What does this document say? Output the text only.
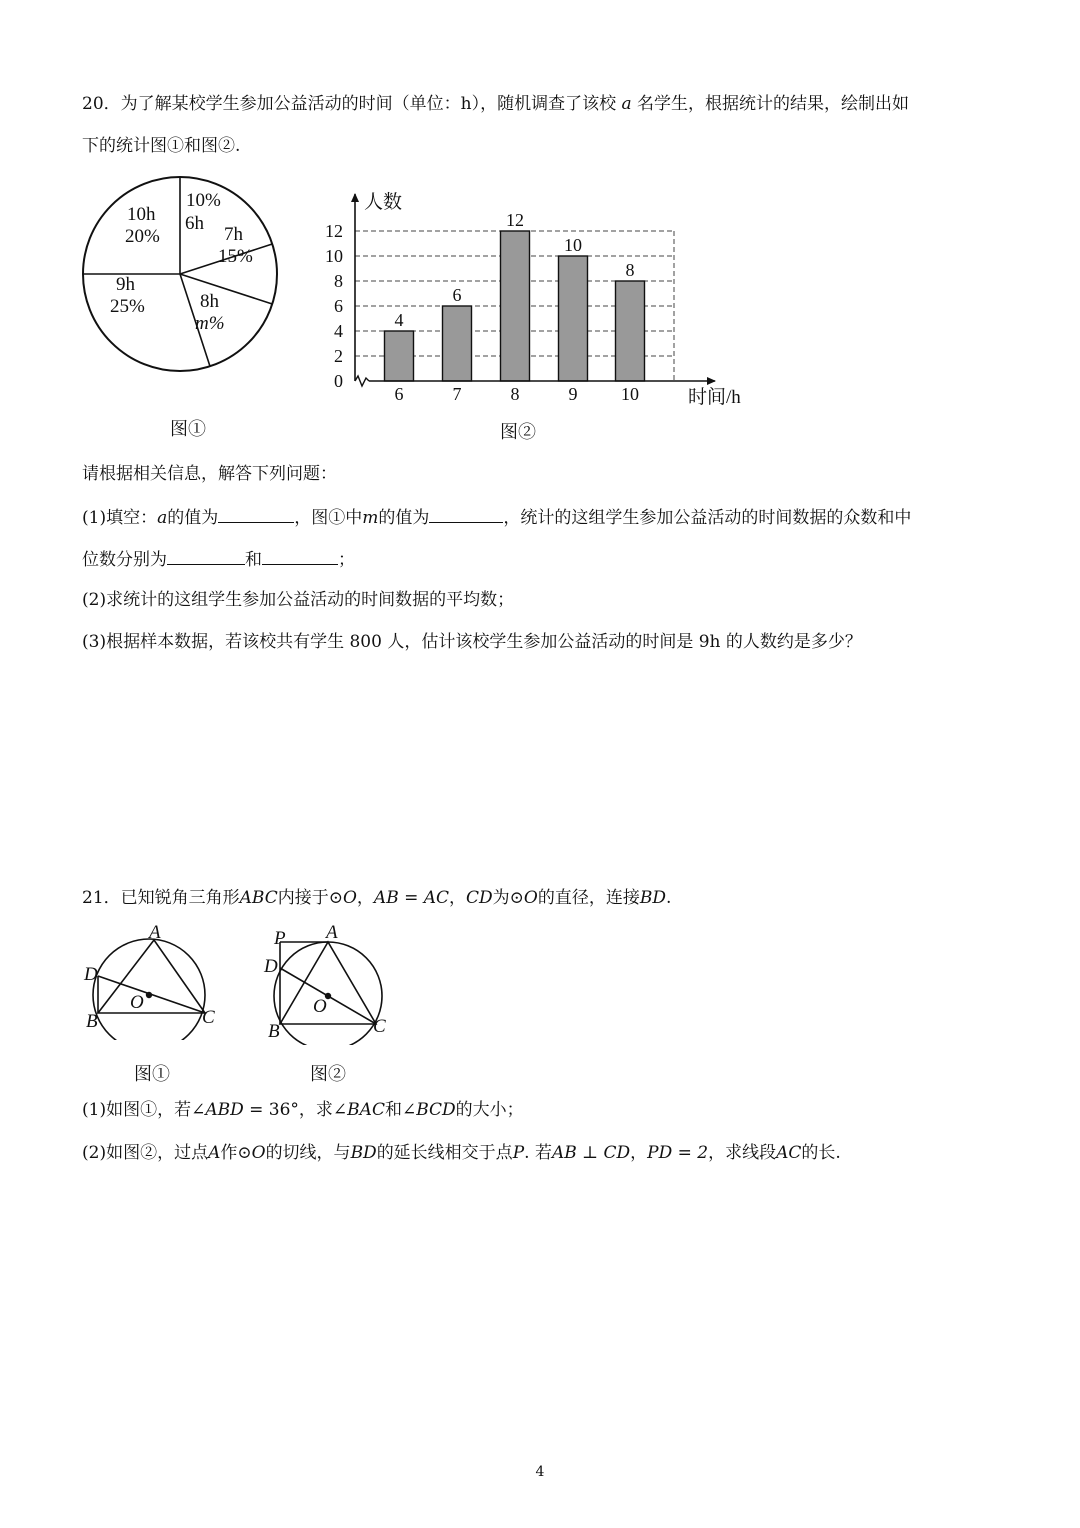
20．为了解某校学生参加公益活动的时间（单位：h），随机调查了该校 a 名学生，根据统计的结果，绘制出如
下的统计图①和图②.
10h
20%
10%
6h
7h
15%
9h
25%	8h
m%
图①
人数
时间/h
0
2
4
6
8
10
12
6	7	8	9 10
4
6
12
10
8
图②
请根据相关信息，解答下列问题：
(1)填空：a的值为	，图①中m的值为	，统计的这组学生参加公益活动的时间数据的众数和中
位数分别为	和	；
(2)求统计的这组学生参加公益活动的时间数据的平均数；
(3)根据样本数据，若该校共有学生 800 人，估计该校学生参加公益活动的时间是 9h 的人数约是多少？
21．已知锐角三角形ABC内接于⊙O，AB = AC，CD为⊙O的直径，连接BD.
A
D
O
B	C
图①
P A
D
O
B	C
图②
(1)如图①，若∠ABD = 36°，求∠BAC和∠BCD的大小；
(2)如图②，过点A作⊙O的切线，与BD的延长线相交于点P. 若AB ⊥ CD，PD = 2，求线段AC的长.
4
